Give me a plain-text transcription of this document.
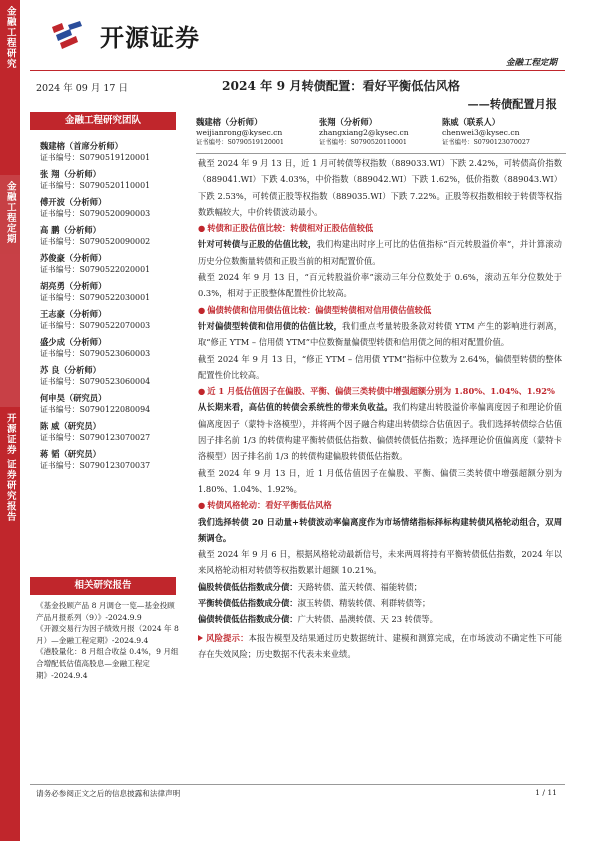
金融工程研究
金融工程定期
开源证券 证券研究报告
开源证券
金融工程定期
2024 年 09 月 17 日
金融工程研究团队
魏建榕（首席分析师）
证书编号：S0790519120001
张 翔（分析师）
证书编号：S0790520110001
傅开波（分析师）
证书编号：S0790520090003
高 鹏（分析师）
证书编号：S0790520090002
苏俊豪（分析师）
证书编号：S0790522020001
胡亮勇（分析师）
证书编号：S0790522030001
王志豪（分析师）
证书编号：S0790522070003
盛少成（分析师）
证书编号：S0790523060003
苏 良（分析师）
证书编号：S0790523060004
何申昊（研究员）
证书编号：S0790122080094
陈 威（研究员）
证书编号：S0790123070027
蒋 韬（研究员）
证书编号：S0790123070037
相关研究报告
《基金投顾产品 8 月调仓一览—基金投顾产品月报系列（9）》-2024.9.9
《开源交易行为因子绩效月报（2024 年 8 月）—金融工程定期》-2024.9.4
《港股量化：8 月组合收益 0.4%，9 月组合增配低估值高股息—金融工程定期》-2024.9.4
2024 年 9 月转债配置：看好平衡低估风格
——转债配置月报
魏建榕（分析师）
weijianrong@kysec.cn
证书编号：S0790519120001
张翔（分析师）
zhangxiang2@kysec.cn
证书编号：S0790520110001
陈威（联系人）
chenwei3@kysec.cn
证书编号：S0790123070027

截至 2024 年 9 月 13 日，近 1 月可转债等权指数（889033.WI）下跌 2.42%，可转债高价指数（889041.WI）下跌 4.03%，中价指数（889042.WI）下跌 1.62%，低价指数（889043.WI）下跌 2.53%，可转债正股等权指数（889035.WI）下跌 7.22%。正股等权指数相较于转债等权指数跌幅较大，中价转债波动最小。

● 转债和正股估值比较：转债相对正股估值较低

针对可转债与正股的估值比较，我们构建出时序上可比的估值指标“百元转股溢价率”，并计算滚动历史分位数衡量转债和正股当前的相对配置价值。

截至 2024 年 9 月 13 日，“百元转股溢价率”滚动三年分位数处于 0.6%，滚动五年分位数处于 0.3%，相对于正股整体配置性价比较高。

● 偏债转债和信用债估值比较：偏债型转债相对信用债估值较低

针对偏债型转债和信用债的估值比较，我们重点考量转股条款对转债 YTM 产生的影响进行剥离，取“修正 YTM – 信用债 YTM”中位数衡量偏债型转债和信用债之间的相对配置价值。

截至 2024 年 9 月 13 日，“修正 YTM – 信用债 YTM”指标中位数为 2.64%，偏债型转债的整体配置性价比较高。

● 近 1 月低估值因子在偏股、平衡、偏债三类转债中增强超额分别为 1.80%、1.04%、1.92%

从长期来看，高估值的转债会系统性的带来负收益。我们构建出转股溢价率偏离度因子和理论价值偏离度因子（蒙特卡洛模型），并将两个因子融合构建出转债综合估值因子。我们选择转债综合估值因子排名前 1/3 的转债构建平衡转债低估指数、偏债转债低估指数；选择理论价值偏离度（蒙特卡洛模型）因子排名前 1/3 的转债构建偏股转债低估指数。

截至 2024 年 9 月 13 日，近 1 月低估值因子在偏股、平衡、偏债三类转债中增强超额分别为 1.80%、1.04%、1.92%。

● 转债风格轮动：看好平衡低估风格

我们选择转债 20 日动量+转债波动率偏离度作为市场情绪指标择标构建转债风格轮动组合，双周频调仓。

截至 2024 年 9 月 6 日，根据风格轮动最新信号，未来两周将持有平衡转债低估指数，2024 年以来风格轮动相对转债等权指数累计超额 10.21%。

偏股转债低估指数成分债：天路转债、蓝天转债、福能转债；

平衡转债低估指数成分债：淑玉转债、精装转债、利群转债等；

偏债转债低估指数成分债：广大转债、晶澳转债、天 23 转债等。

风险提示：本报告模型及结果通过历史数据统计、建模和测算完成，在市场波动不确定性下可能存在失效风险；历史数据不代表未来业绩。

请务必参阅正文之后的信息披露和法律声明	1 / 11
